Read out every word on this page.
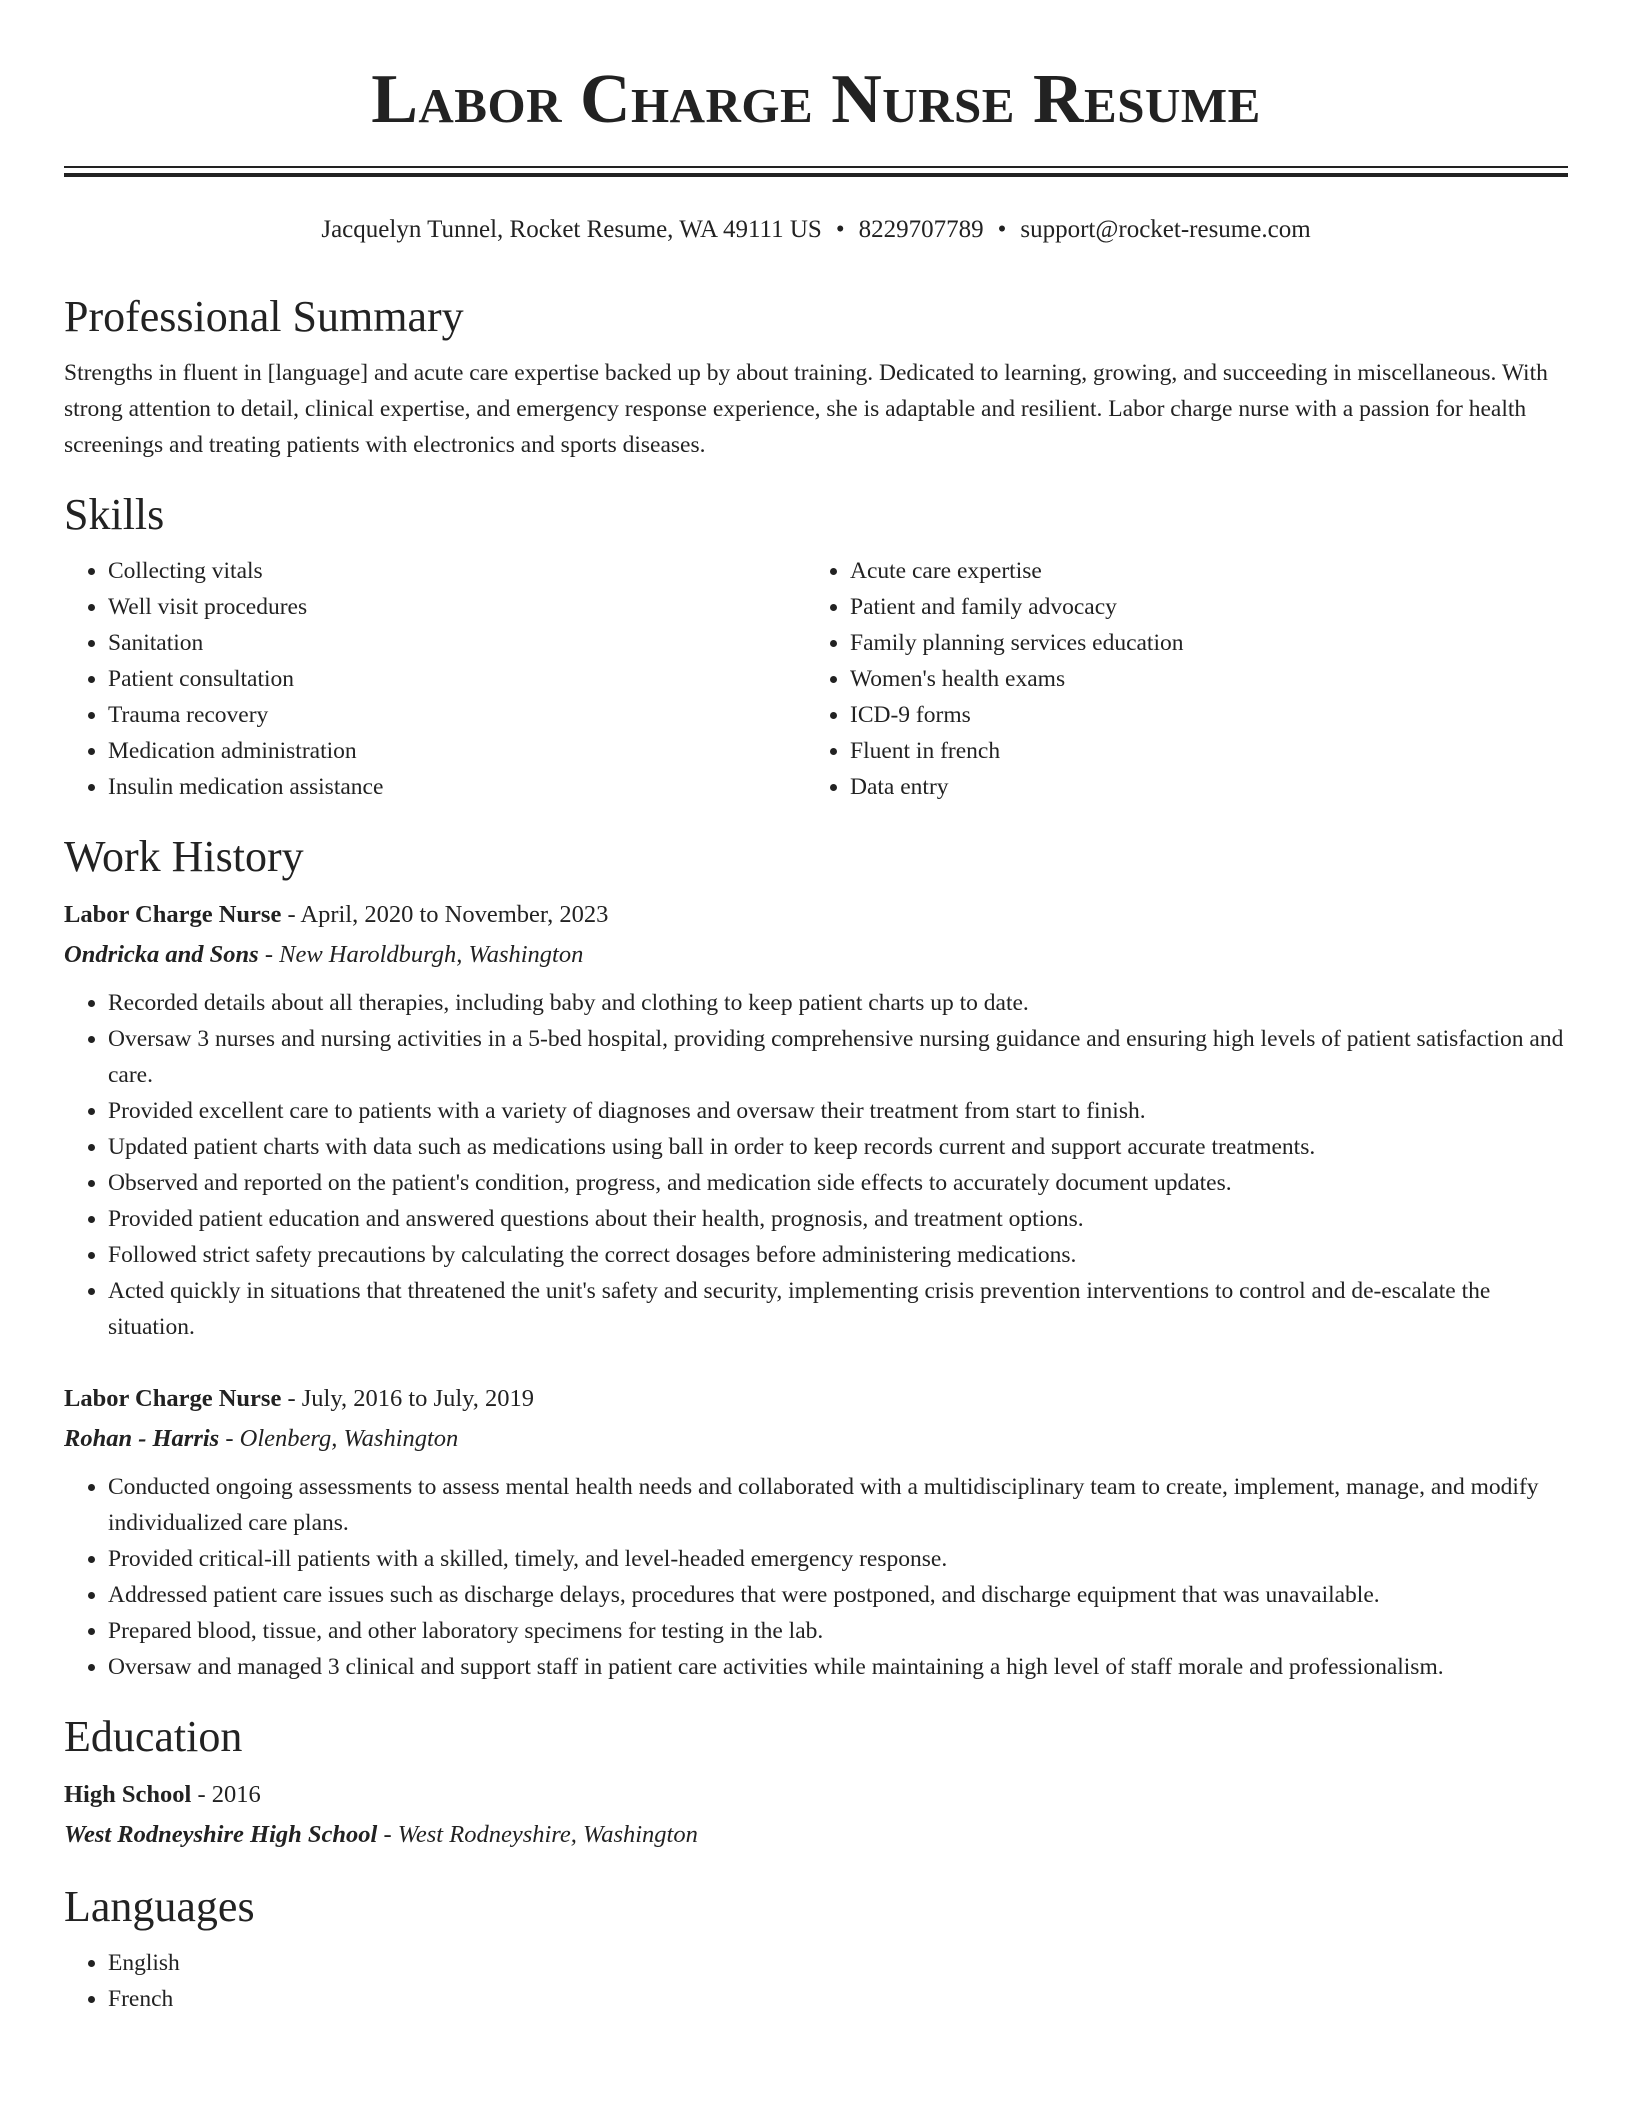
Labor Charge Nurse Resume
Jacquelyn Tunnel, Rocket Resume, WA 49111 US • 8229707789 • support@rocket-resume.com
Professional Summary

Strengths in fluent in [language] and acute care expertise backed up by about training. Dedicated to learning, growing, and succeeding in miscellaneous. With strong attention to detail, clinical expertise, and emergency response experience, she is adaptable and resilient. Labor charge nurse with a passion for health screenings and treating patients with electronics and sports diseases.

Skills
• Collecting vitals
• Well visit procedures
• Sanitation
• Patient consultation
• Trauma recovery
• Medication administration
• Insulin medication assistance
• Acute care expertise
• Patient and family advocacy
• Family planning services education
• Women's health exams
• ICD-9 forms
• Fluent in french
• Data entry
Work History
Labor Charge Nurse - April, 2020 to November, 2023
Ondricka and Sons - New Haroldburgh, Washington
• Recorded details about all therapies, including baby and clothing to keep patient charts up to date.
• Oversaw 3 nurses and nursing activities in a 5-bed hospital, providing comprehensive nursing guidance and ensuring high levels of patient satisfaction and care.
• Provided excellent care to patients with a variety of diagnoses and oversaw their treatment from start to finish.
• Updated patient charts with data such as medications using ball in order to keep records current and support accurate treatments.
• Observed and reported on the patient's condition, progress, and medication side effects to accurately document updates.
• Provided patient education and answered questions about their health, prognosis, and treatment options.
• Followed strict safety precautions by calculating the correct dosages before administering medications.
• Acted quickly in situations that threatened the unit's safety and security, implementing crisis prevention interventions to control and de-escalate the situation.
Labor Charge Nurse - July, 2016 to July, 2019
Rohan - Harris - Olenberg, Washington
• Conducted ongoing assessments to assess mental health needs and collaborated with a multidisciplinary team to create, implement, manage, and modify individualized care plans.
• Provided critical-ill patients with a skilled, timely, and level-headed emergency response.
• Addressed patient care issues such as discharge delays, procedures that were postponed, and discharge equipment that was unavailable.
• Prepared blood, tissue, and other laboratory specimens for testing in the lab.
• Oversaw and managed 3 clinical and support staff in patient care activities while maintaining a high level of staff morale and professionalism.
Education
High School - 2016
West Rodneyshire High School - West Rodneyshire, Washington
Languages
• English
• French
